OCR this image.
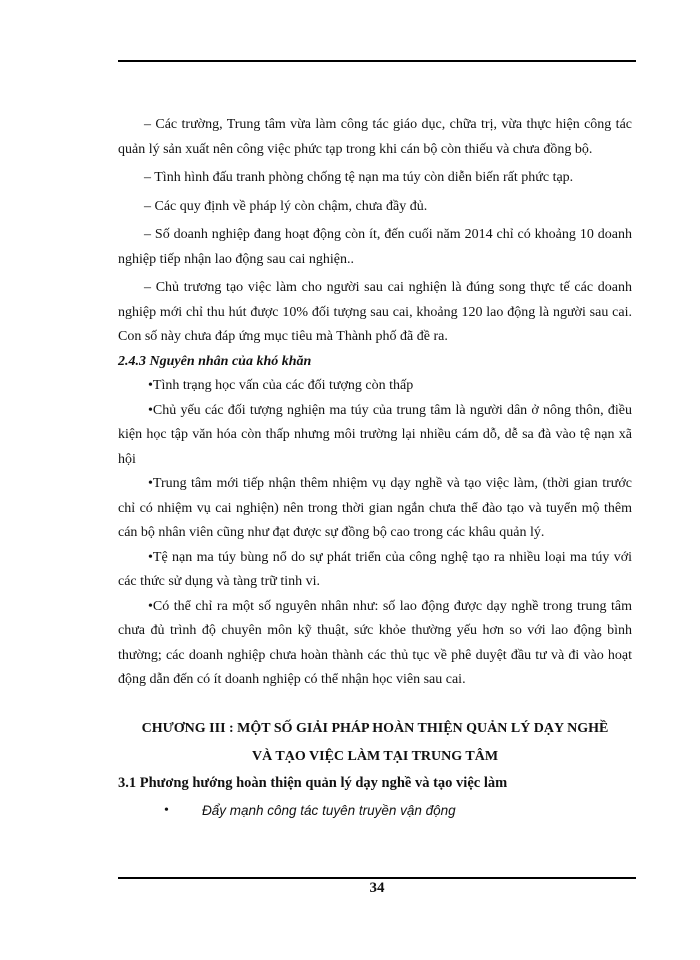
– Các trường, Trung tâm vừa làm công tác giáo dục, chữa trị, vừa thực hiện công tác quản lý sản xuất nên công việc phức tạp trong khi cán bộ còn thiếu và chưa đồng bộ.

– Tình hình đấu tranh phòng chống tệ nạn ma túy còn diễn biến rất phức tạp.

– Các quy định về pháp lý còn chậm, chưa đầy đủ.

– Số doanh nghiệp đang hoạt động còn ít, đến cuối năm 2014 chỉ có khoảng 10 doanh nghiệp tiếp nhận lao động sau cai nghiện..

– Chủ trương tạo việc làm cho người sau cai nghiện là đúng song thực tế các doanh nghiệp mới chỉ thu hút được 10% đối tượng sau cai, khoảng 120 lao động là người sau cai. Con số này chưa đáp ứng mục tiêu mà Thành phố đã đề ra.

2.4.3 Nguyên nhân của khó khăn

•Tình trạng học vấn của các đối tượng còn thấp

•Chủ yếu các đối tượng nghiện ma túy của trung tâm là người dân ở nông thôn, điều kiện học tập văn hóa còn thấp nhưng môi trường lại nhiều cám dỗ, dễ sa đà vào tệ nạn xã hội

•Trung tâm mới tiếp nhận thêm nhiệm vụ dạy nghề và tạo việc làm, (thời gian trước chỉ có nhiệm vụ cai nghiện) nên trong thời gian ngắn chưa thể đào tạo và tuyển mộ thêm cán bộ nhân viên cũng như đạt được sự đồng bộ cao trong các khâu quản lý.

•Tệ nạn ma túy bùng nổ do sự phát triển của công nghệ tạo ra nhiều loại ma túy với các thức sử dụng và tàng trữ tinh vi.

•Có thể chỉ ra một số nguyên nhân như: số lao động được dạy nghề trong trung tâm chưa đủ trình độ chuyên môn kỹ thuật, sức khỏe thường yếu hơn so với lao động bình thường; các doanh nghiệp chưa hoàn thành các thủ tục về phê duyệt đầu tư và đi vào hoạt động dẫn đến có ít doanh nghiệp có thể nhận học viên sau cai.

CHƯƠNG III : MỘT SỐ GIẢI PHÁP HOÀN THIỆN QUẢN LÝ DẠY NGHỀ
VÀ TẠO VIỆC LÀM TẠI TRUNG TÂM

3.1 Phương hướng hoàn thiện quản lý dạy nghề và tạo việc làm

• Đẩy mạnh công tác tuyên truyền vận động
34
